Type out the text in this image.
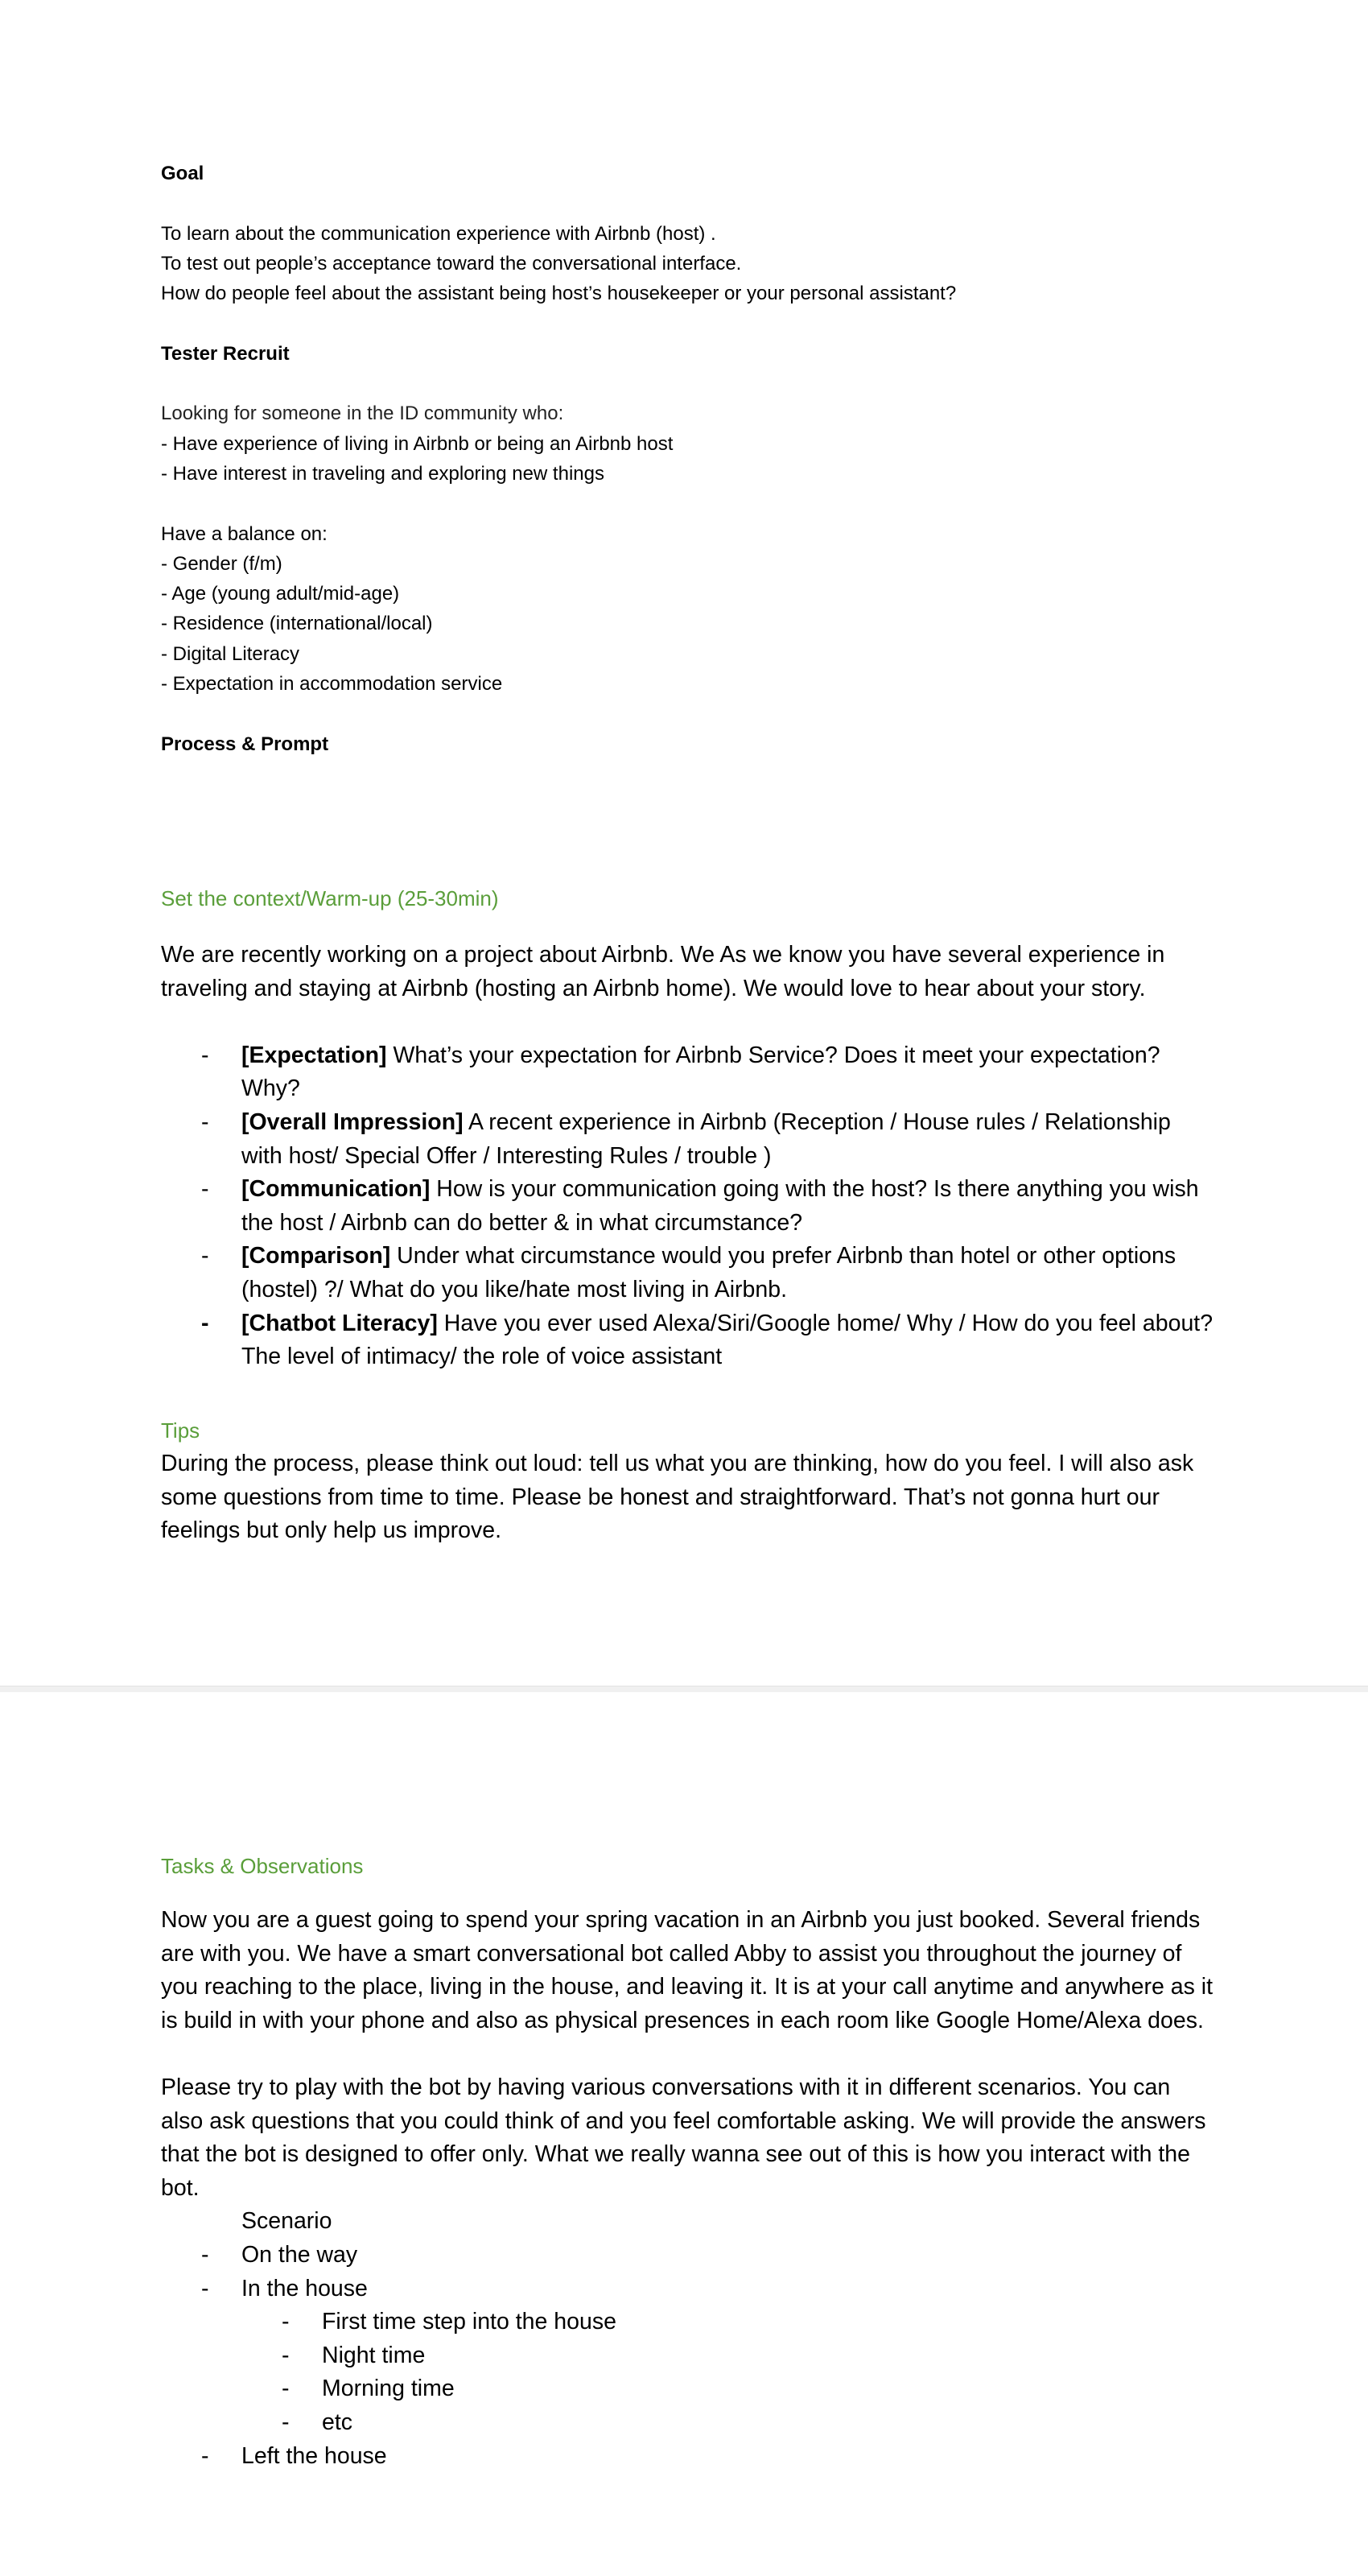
Goal

To learn about the communication experience with Airbnb (host) .

To test out people’s acceptance toward the conversational interface.

How do people feel about the assistant being host’s housekeeper or your personal assistant?

Tester Recruit

Looking for someone in the ID community who:

- Have experience of living in Airbnb or being an Airbnb host

- Have interest in traveling and exploring new things

Have a balance on:

- Gender (f/m)

- Age (young adult/mid-age)

- Residence (international/local)

- Digital Literacy

- Expectation in accommodation service

Process & Prompt

Set the context/Warm-up (25-30min)

We are recently working on a project about Airbnb. We As we know you have several experience in traveling and staying at Airbnb (hosting an Airbnb home). We would love to hear about your story.

- [Expectation] What’s your expectation for Airbnb Service? Does it meet your expectation? Why?
- [Overall Impression] A recent experience in Airbnb (Reception / House rules / Relationship with host/ Special Offer / Interesting Rules / trouble )
- [Communication] How is your communication going with the host? Is there anything you wish the host / Airbnb can do better & in what circumstance?
- [Comparison] Under what circumstance would you prefer Airbnb than hotel or other options (hostel) ?/ What do you like/hate most living in Airbnb.
- [Chatbot Literacy] Have you ever used Alexa/Siri/Google home/ Why / How do you feel about? The level of intimacy/ the role of voice assistant

Tips

During the process, please think out loud: tell us what you are thinking, how do you feel. I will also ask some questions from time to time. Please be honest and straightforward. That’s not gonna hurt our feelings but only help us improve.

Tasks & Observations

Now you are a guest going to spend your spring vacation in an Airbnb you just booked. Several friends are with you. We have a smart conversational bot called Abby to assist you throughout the journey of you reaching to the place, living in the house, and leaving it. It is at your call anytime and anywhere as it is build in with your phone and also as physical presences in each room like Google Home/Alexa does.

Please try to play with the bot by having various conversations with it in different scenarios. You can also ask questions that you could think of and you feel comfortable asking. We will provide the answers that the bot is designed to offer only. What we really wanna see out of this is how you interact with the bot.

Scenario

- On the way
- In the house
- First time step into the house
- Night time
- Morning time
- etc
- Left the house
